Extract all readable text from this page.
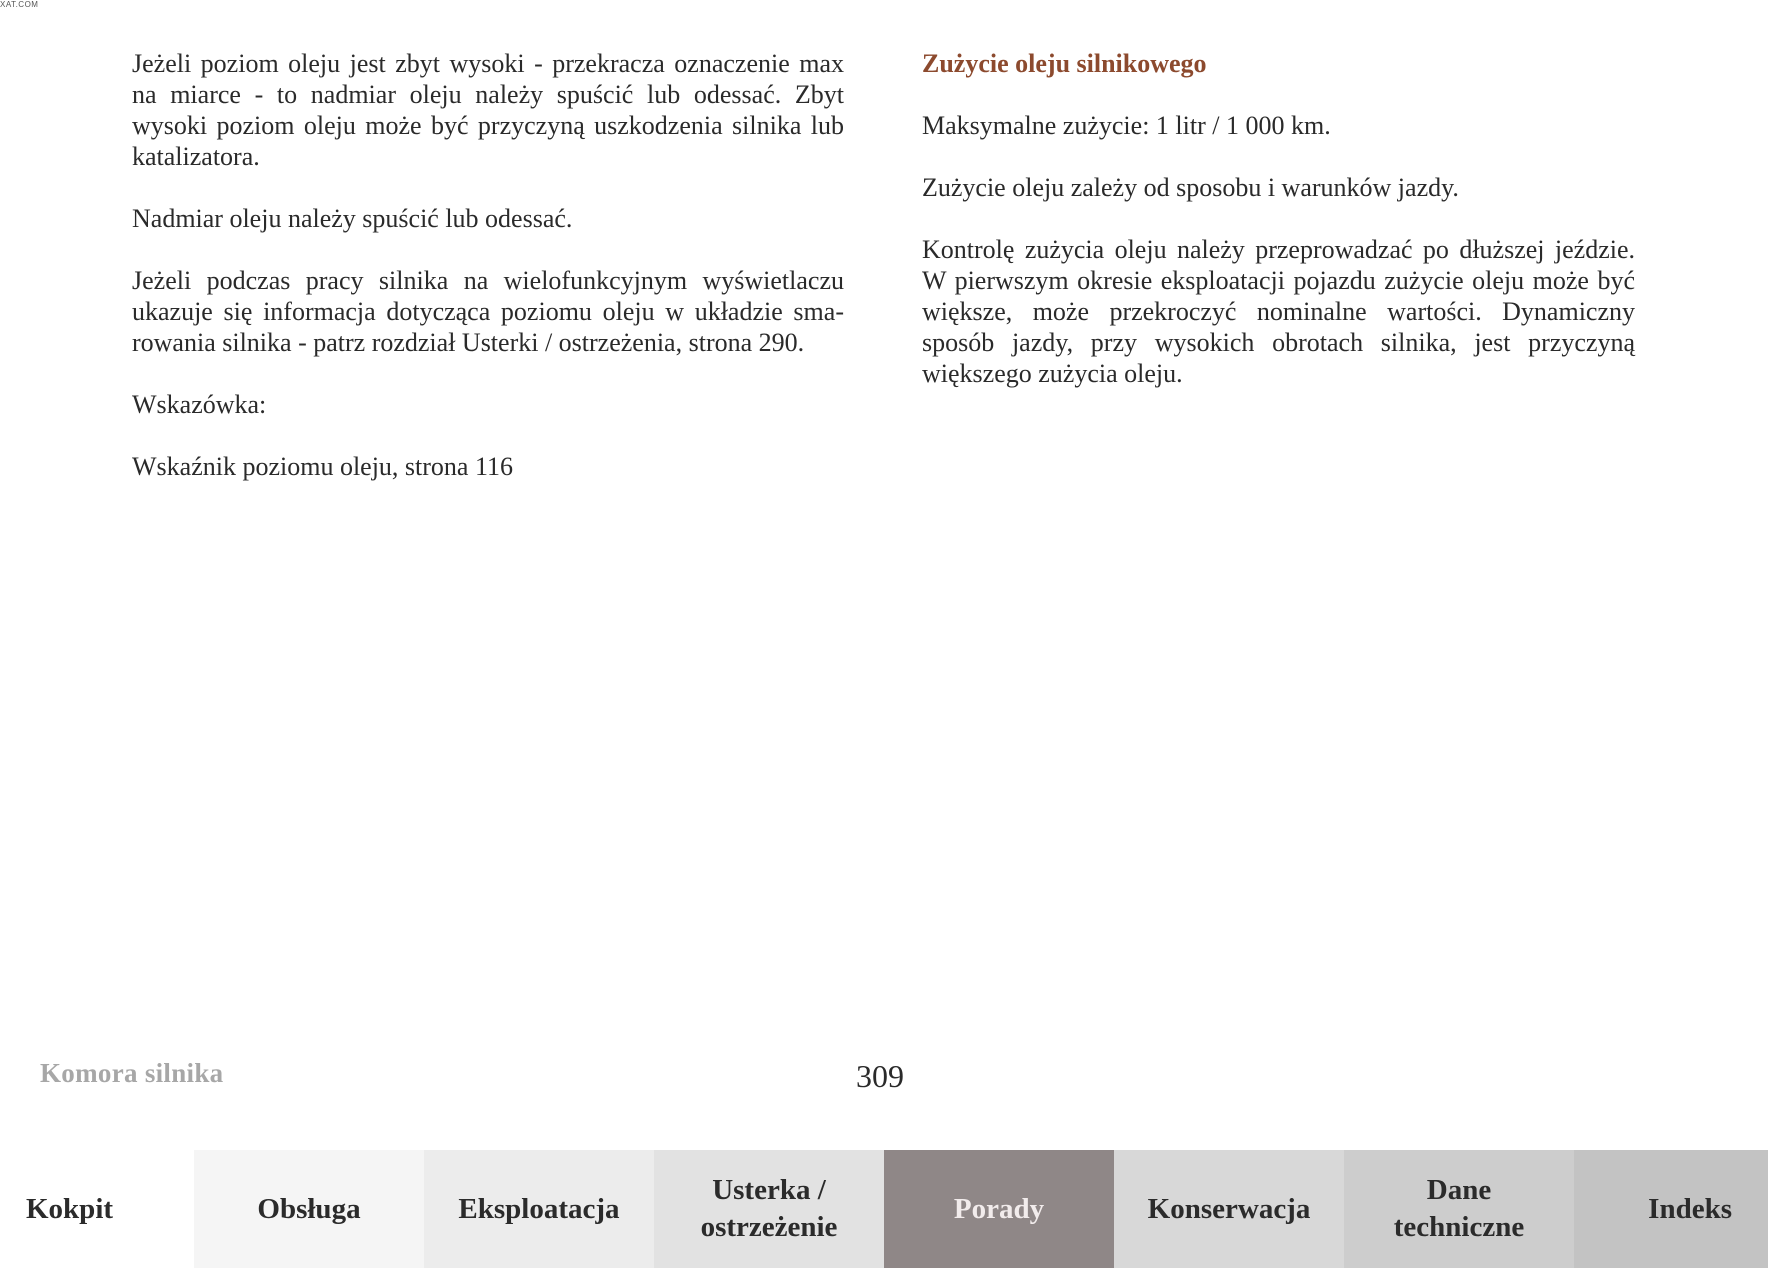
XAT.COM

Jeżeli poziom oleju jest zbyt wysoki - przekracza oznaczenie max na miarce - to nadmiar oleju należy spuścić lub odessać. Zbyt wysoki poziom oleju może być przyczyną uszkodzenia silnika lub katalizatora.

Nadmiar oleju należy spuścić lub odessać.

Jeżeli podczas pracy silnika na wielofunkcyjnym wyświetlaczu ukazuje się informacja dotycząca poziomu oleju w układzie smarowania silnika - patrz rozdział Usterki / ostrzeżenia, strona 290.

Wskazówka:

Wskaźnik poziomu oleju, strona 116

Zużycie oleju silnikowego

Maksymalne zużycie: 1 litr / 1 000 km.

Zużycie oleju zależy od sposobu i warunków jazdy.

Kontrolę zużycia oleju należy przeprowadzać po dłuższej jeździe. W pierwszym okresie eksploatacji pojazdu zużycie oleju może być większe, może przekroczyć nominalne wartości. Dynamiczny sposób jazdy, przy wysokich obrotach silnika, jest przyczyną większego zużycia oleju.

Komora silnika	309
Kokpit	Obsługa	Eksploatacja
Usterka /
ostrzeżenie
Porady	Konserwacja
Dane
techniczne
Indeks
